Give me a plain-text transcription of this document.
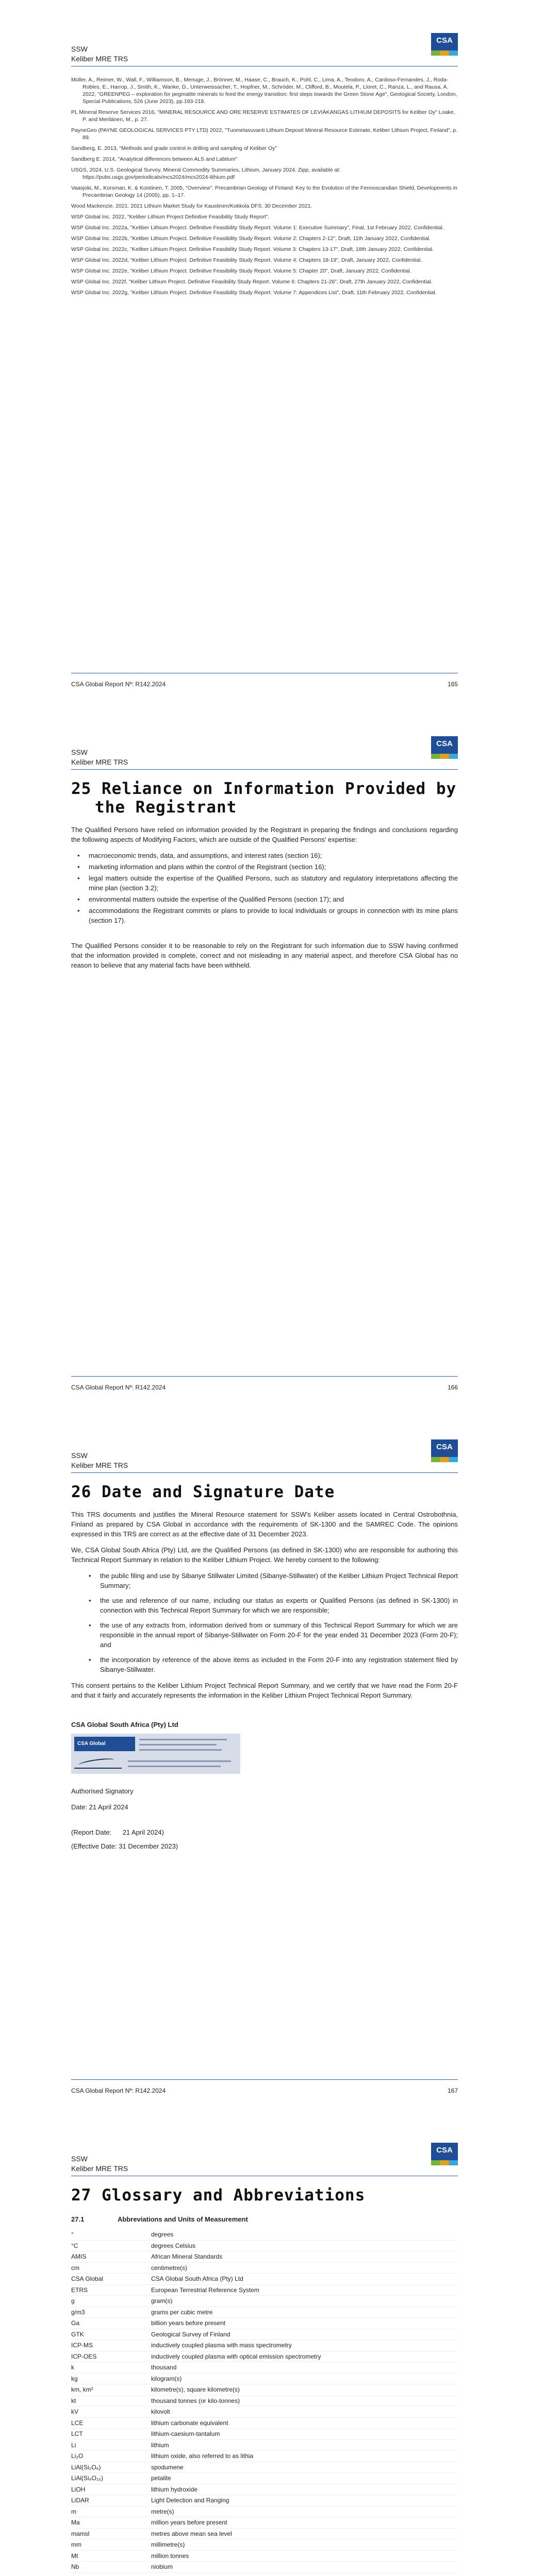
SSW
Keliber MRE TRS
CSA

Müller, A., Reimer, W., Wall, F., Williamson, B., Menuge, J., Brönner, M., Haase, C., Brauch, K., Pohl, C., Lima, A., Teodoro, A., Cardoso-Fernandes, J., Roda-Robles, E., Harrop, J., Smith, K., Wanke, D., Unterweissacher, T., Hopfner, M., Schröder, M., Clifford, B., Moutela, P., Lloret, C., Ranza, L., and Rausa, A. 2022, "GREENPEG – exploration for pegmatite minerals to feed the energy transition: first steps towards the Green Stone Age", Geological Society, London, Special Publications, 526 (June 2023), pp.193-218.

PL Mineral Reserve Services 2016, "MINERAL RESOURCE AND ORE RESERVE ESTIMATES OF LEVIÄKANGAS LITHIUM DEPOSITS for Keliber Oy" Loake, P. and Merilänen, M., p. 27.

PayneGeo (PAYNE GEOLOGICAL SERVICES PTY LTD) 2022, "Tuomelasuvanti Lithium Deposit Mineral Resource Estimate, Keliber Lithium Project, Finland", p. 89.

Sandberg, E. 2013, "Methods and grade control in drilling and sampling of Keliber Oy"

Sandberg E. 2014, "Analytical differences between ALS and Labtium"

USGS, 2024. U.S. Geological Survey, Mineral Commodity Summaries, Lithium, January 2024. Zipp, available at: https://pubs.usgs.gov/periodicals/mcs2024/mcs2024-lithium.pdf

Vaasjoki, M., Korsman, K. & Koistinen, T. 2005, "Overview". Precambrian Geology of Finland: Key to the Evolution of the Fennoscandian Shield, Developments in Precambrian Geology 14 (2005), pp. 1–17.

Wood Mackenzie. 2021. 2021 Lithium Market Study for Kaustinen/Kokkola DFS. 30 December 2021.

WSP Global Inc. 2022, "Keliber Lithium Project Definitive Feasibility Study Report".

WSP Global Inc. 2022a, "Keliber Lithium Project. Definitive Feasibility Study Report. Volume 1: Executive Summary", Final, 1st February 2022, Confidential.

WSP Global Inc. 2022b, "Keliber Lithium Project. Definitive Feasibility Study Report. Volume 2: Chapters 2-12", Draft, 11th January 2022, Confidential.

WSP Global Inc. 2022c, "Keliber Lithium Project. Definitive Feasibility Study Report. Volume 3: Chapters 13-17", Draft, 18th January 2022, Confidential.

WSP Global Inc. 2022d, "Keliber Lithium Project. Definitive Feasibility Study Report. Volume 4: Chapters 18-19", Draft, January 2022, Confidential.

WSP Global Inc. 2022e, "Keliber Lithium Project. Definitive Feasibility Study Report. Volume 5: Chapter 20", Draft, January 2022, Confidential.

WSP Global Inc. 2022f, "Keliber Lithium Project. Definitive Feasibility Study Report. Volume 6: Chapters 21-26", Draft, 27th January 2022, Confidential.

WSP Global Inc. 2022g, "Keliber Lithium Project. Definitive Feasibility Study Report. Volume 7: Appendices List", Draft, 11th February 2022, Confidential.

CSA Global Report Nº: R142.2024	165
SSW
Keliber MRE TRS
CSA
25 Reliance on Information Provided by
the Registrant

The Qualified Persons have relied on information provided by the Registrant in preparing the findings and conclusions regarding the following aspects of Modifying Factors, which are outside of the Qualified Persons' expertise:

• macroeconomic trends, data, and assumptions, and interest rates (section 16);
• marketing information and plans within the control of the Registrant (section 16);
• legal matters outside the expertise of the Qualified Persons, such as statutory and regulatory interpretations affecting the mine plan (section 3.2);
• environmental matters outside the expertise of the Qualified Persons (section 17); and
• accommodations the Registrant commits or plans to provide to local individuals or groups in connection with its mine plans (section 17).

The Qualified Persons consider it to be reasonable to rely on the Registrant for such information due to SSW having confirmed that the information provided is complete, correct and not misleading in any material aspect, and therefore CSA Global has no reason to believe that any material facts have been withheld.

CSA Global Report Nº: R142.2024	166
SSW
Keliber MRE TRS
CSA
26 Date and Signature Date

This TRS documents and justifies the Mineral Resource statement for SSW's Keliber assets located in Central Ostrobothnia, Finland as prepared by CSA Global in accordance with the requirements of SK-1300 and the SAMREC Code. The opinions expressed in this TRS are correct as at the effective date of 31 December 2023.

We, CSA Global South Africa (Pty) Ltd, are the Qualified Persons (as defined in SK-1300) who are responsible for authoring this Technical Report Summary in relation to the Keliber Lithium Project. We hereby consent to the following:

• the public filing and use by Sibanye Stillwater Limited (Sibanye-Stillwater) of the Keliber Lithium Project Technical Report Summary;
• the use and reference of our name, including our status as experts or Qualified Persons (as defined in SK-1300) in connection with this Technical Report Summary for which we are responsible;
• the use of any extracts from, information derived from or summary of this Technical Report Summary for which we are responsible in the annual report of Sibanye-Stillwater on Form 20-F for the year ended 31 December 2023 (Form 20-F); and
• the incorporation by reference of the above items as included in the Form 20-F into any registration statement filed by Sibanye-Stillwater.

This consent pertains to the Keliber Lithium Project Technical Report Summary, and we certify that we have read the Form 20-F and that it fairly and accurately represents the information in the Keliber Lithium Project Technical Report Summary.

CSA Global South Africa (Pty) Ltd
CSA Global
Authorised Signatory
Date: 21 April 2024
(Report Date:      21 April 2024)
(Effective Date: 31 December 2023)
CSA Global Report Nº: R142.2024	167
SSW
Keliber MRE TRS
CSA
27 Glossary and Abbreviations
27.1	Abbreviations and Units of Measurement
°	degrees
°C	degrees Celsius
AMIS	African Mineral Standards
cm	centimetre(s)
CSA Global	CSA Global South Africa (Pty) Ltd
ETRS	European Terrestrial Reference System
g	gram(s)
g/m3	grams per cubic metre
Ga	billion years before present
GTK	Geological Survey of Finland
ICP-MS	inductively coupled plasma with mass spectrometry
ICP-OES	inductively coupled plasma with optical emission spectrometry
k	thousand
kg	kilogram(s)
km, km²	kilometre(s), square kilometre(s)
kt	thousand tonnes (or kilo-tonnes)
kV	kilovolt
LCE	lithium carbonate equivalent
LCT	lithium-caesium-tantalum
Li	lithium
Li₂O	lithium oxide, also referred to as lithia
LiAl(Si₂O₆)	spodumene
LiAl(Si₄O₁₀)	petalite
LiOH	lithium hydroxide
LiDAR	Light Detection and Ranging
m	metre(s)
Ma	million years before present
mamsl	metres above mean sea level
mm	millimetre(s)
Mt	million tonnes
Nb	niobium
